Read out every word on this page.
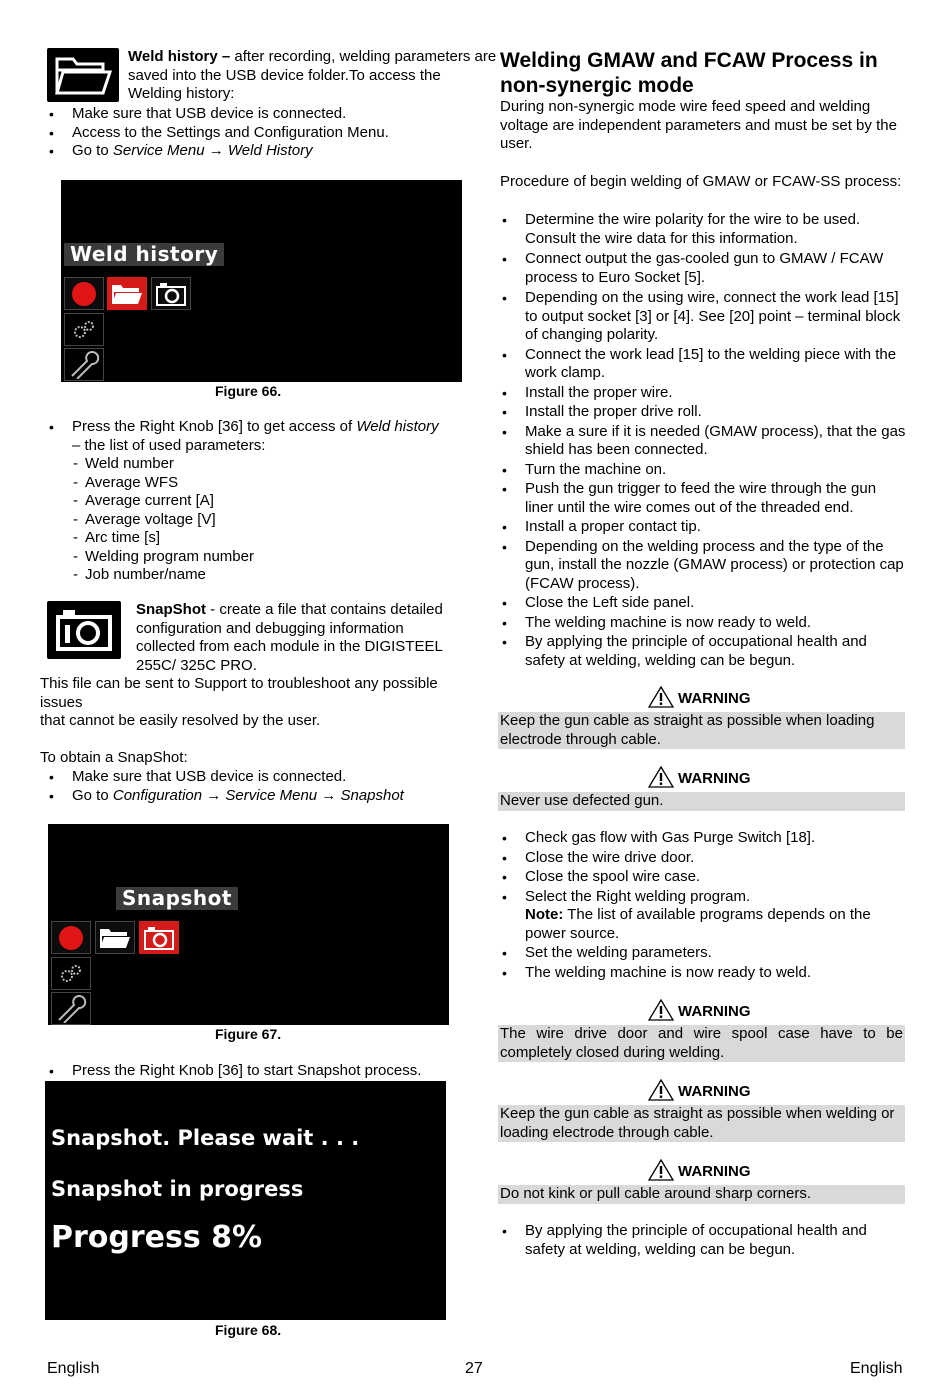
Weld history – after recording, welding parameters are saved into the USB device folder.To access the Welding history:
• Make sure that USB device is connected.
• Access to the Settings and Configuration Menu.
• Go to Service Menu → Weld History
Weld history
Figure 66.
• Press the Right Knob [36] to get access of Weld history – the list of used parameters:
- Weld number
- Average WFS
- Average current [A]
- Average voltage [V]
- Arc time [s]
- Welding program number
- Job number/name
SnapShot - create a file that contains detailed configuration and debugging information collected from each module in the DIGISTEEL 255C/ 325C PRO.
This file can be sent to Support to troubleshoot any possible issues
that cannot be easily resolved by the user.
To obtain a SnapShot:
• Make sure that USB device is connected.
• Go to Configuration → Service Menu → Snapshot
Snapshot
Figure 67.
• Press the Right Knob [36] to start Snapshot process.
Snapshot. Please wait . . .
Snapshot in progress
Progress 8%
Figure 68.
Welding GMAW and FCAW Process in non-synergic mode
During non-synergic mode wire feed speed and welding voltage are independent parameters and must be set by the user.
Procedure of begin welding of GMAW or FCAW-SS process:
• Determine the wire polarity for the wire to be used. Consult the wire data for this information.
• Connect output the gas-cooled gun to GMAW / FCAW process to Euro Socket [5].
• Depending on the using wire, connect the work lead [15] to output socket [3] or [4]. See [20] point – terminal block of changing polarity.
• Connect the work lead [15] to the welding piece with the work clamp.
• Install the proper wire.
• Install the proper drive roll.
• Make a sure if it is needed (GMAW process), that the gas shield has been connected.
• Turn the machine on.
• Push the gun trigger to feed the wire through the gun liner until the wire comes out of the threaded end.
• Install a proper contact tip.
• Depending on the welding process and the type of the gun, install the nozzle (GMAW process) or protection cap (FCAW process).
• Close the Left side panel.
• The welding machine is now ready to weld.
• By applying the principle of occupational health and safety at welding, welding can be begun.
WARNING
Keep the gun cable as straight as possible when loading electrode through cable.
WARNING
Never use defected gun.
• Check gas flow with Gas Purge Switch [18].
• Close the wire drive door.
• Close the spool wire case.
• Select the Right welding program.
Note: The list of available programs depends on the power source.
• Set the welding parameters.
• The welding machine is now ready to weld.
WARNING
The wire drive door and wire spool case have to be completely closed during welding.
WARNING
Keep the gun cable as straight as possible when welding or loading electrode through cable.
WARNING
Do not kink or pull cable around sharp corners.
• By applying the principle of occupational health and safety at welding, welding can be begun.
English	27	English
